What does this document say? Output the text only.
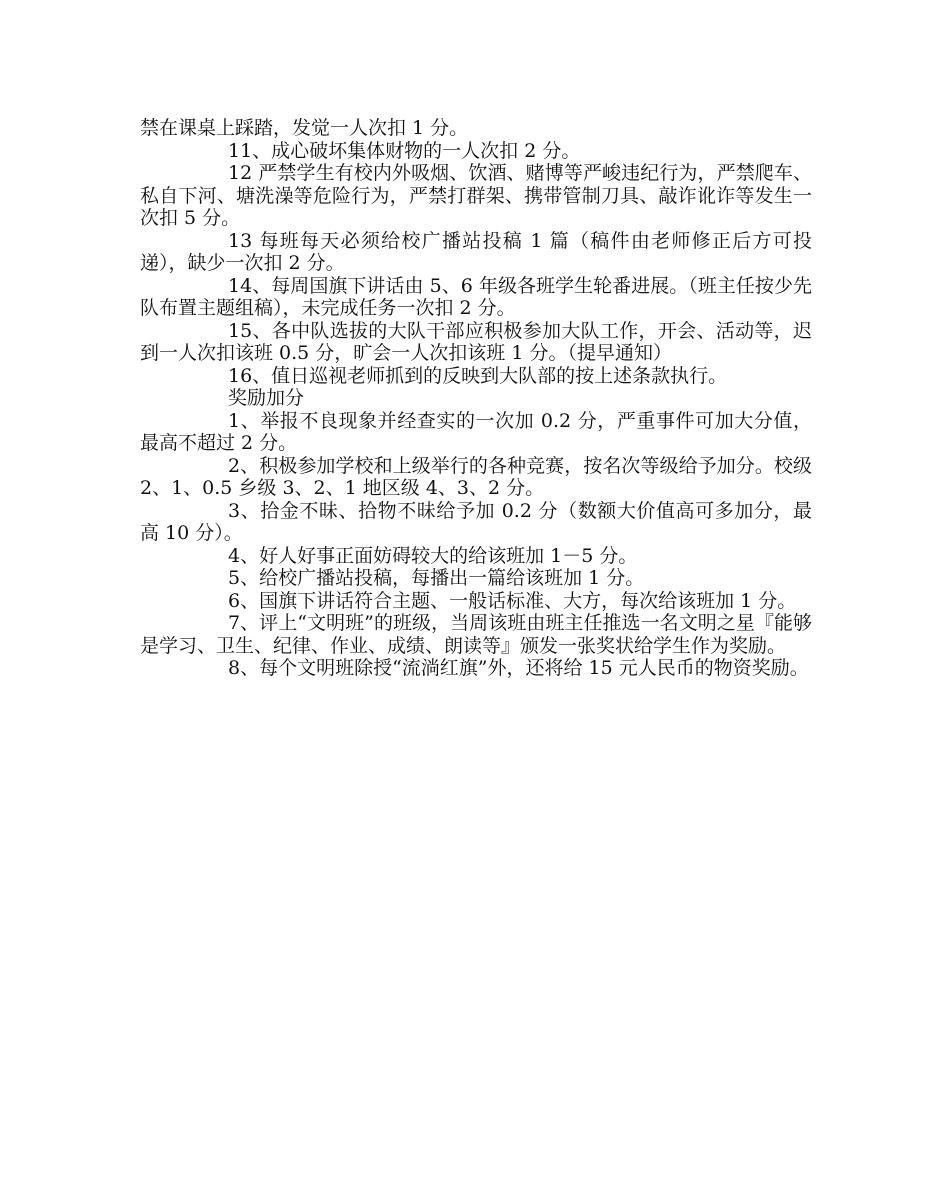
禁在课桌上踩踏，发觉一人次扣 1 分。

11、成心破坏集体财物的一人次扣 2 分。

12 严禁学生有校内外吸烟、饮酒、赌博等严峻违纪行为，严禁爬车、私自下河、塘洗澡等危险行为，严禁打群架、携带管制刀具、敲诈讹诈等发生一次扣 5 分。

13 每班每天必须给校广播站投稿 1 篇（稿件由老师修正后方可投递），缺少一次扣 2 分。

14、每周国旗下讲话由 5、6 年级各班学生轮番进展。（班主任按少先队布置主题组稿），未完成任务一次扣 2 分。

15、各中队选拔的大队干部应积极参加大队工作，开会、活动等，迟到一人次扣该班 0.5 分，旷会一人次扣该班 1 分。（提早通知）

16、值日巡视老师抓到的反映到大队部的按上述条款执行。

奖励加分

1、举报不良现象并经查实的一次加 0.2 分，严重事件可加大分值，最高不超过 2 分。

2、积极参加学校和上级举行的各种竞赛，按名次等级给予加分。校级 2、1、0.5 乡级 3、2、1 地区级 4、3、2 分。

3、拾金不昧、拾物不昧给予加 0.2 分（数额大价值高可多加分，最高 10 分）。

4、好人好事正面妨碍较大的给该班加 1－5 分。

5、给校广播站投稿，每播出一篇给该班加 1 分。

6、国旗下讲话符合主题、一般话标准、大方，每次给该班加 1 分。

7、评上“文明班”的班级，当周该班由班主任推选一名文明之星『能够是学习、卫生、纪律、作业、成绩、朗读等』颁发一张奖状给学生作为奖励。

8、每个文明班除授“流淌红旗”外，还将给 15 元人民币的物资奖励。
